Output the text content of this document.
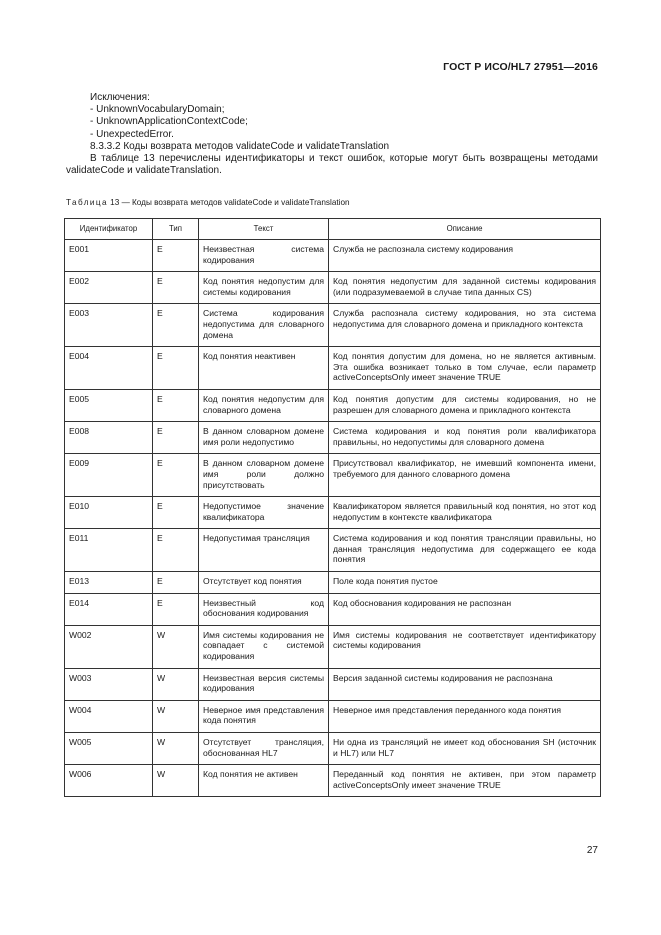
ГОСТ Р ИСО/HL7 27951—2016
Исключения:
- UnknownVocabularyDomain;
- UnknownApplicationContextCode;
- UnexpectedError.
8.3.3.2 Коды возврата методов validateCode и validateTranslation
В таблице 13 перечислены идентификаторы и текст ошибок, которые могут быть возвращены методами validateCode и validateTranslation.
Таблица 13 — Коды возврата методов validateCode и validateTranslation
Идентификатор	Тип	Текст	Описание
E001	E	Неизвестная система кодирования	Служба не распознала систему кодирования
E002	E	Код понятия недопустим для системы кодирования	Код понятия недопустим для заданной системы кодирования (или подразумеваемой в случае типа данных CS)
E003	E	Система кодирования недопустима для словарного домена	Служба распознала систему кодирования, но эта система недопустима для словарного домена и прикладного контекста
E004	E	Код понятия неактивен	Код понятия допустим для домена, но не является активным. Эта ошибка возникает только в том случае, если параметр activeConceptsOnly имеет значение TRUE
E005	E	Код понятия недопустим для словарного домена	Код понятия допустим для системы кодирования, но не разрешен для словарного домена и прикладного контекста
E008	E	В данном словарном домене имя роли недопустимо	Система кодирования и код понятия роли квалификатора правильны, но недопустимы для словарного домена
E009	E	В данном словарном домене имя роли должно присутствовать	Присутствовал квалификатор, не имевший компонента имени, требуемого для данного словарного домена
E010	E	Недопустимое значение квалификатора	Квалификатором является правильный код понятия, но этот код недопустим в контексте квалификатора
E011	E	Недопустимая трансляция	Система кодирования и код понятия трансляции правильны, но данная трансляция недопустима для содержащего ее кода понятия
E013	E	Отсутствует код понятия	Поле кода понятия пустое
E014	E	Неизвестный код обоснования кодирования	Код обоснования кодирования не распознан
W002	W	Имя системы кодирования не совпадает с системой кодирования	Имя системы кодирования не соответствует идентификатору системы кодирования
W003	W	Неизвестная версия системы кодирования	Версия заданной системы кодирования не распознана
W004	W	Неверное имя представления кода понятия	Неверное имя представления переданного кода понятия
W005	W	Отсутствует трансляция, обоснованная HL7	Ни одна из трансляций не имеет код обоснования SH (источник и HL7) или HL7
W006	W	Код понятия не активен	Переданный код понятия не активен, при этом параметр activeConceptsOnly имеет значение TRUE
27
